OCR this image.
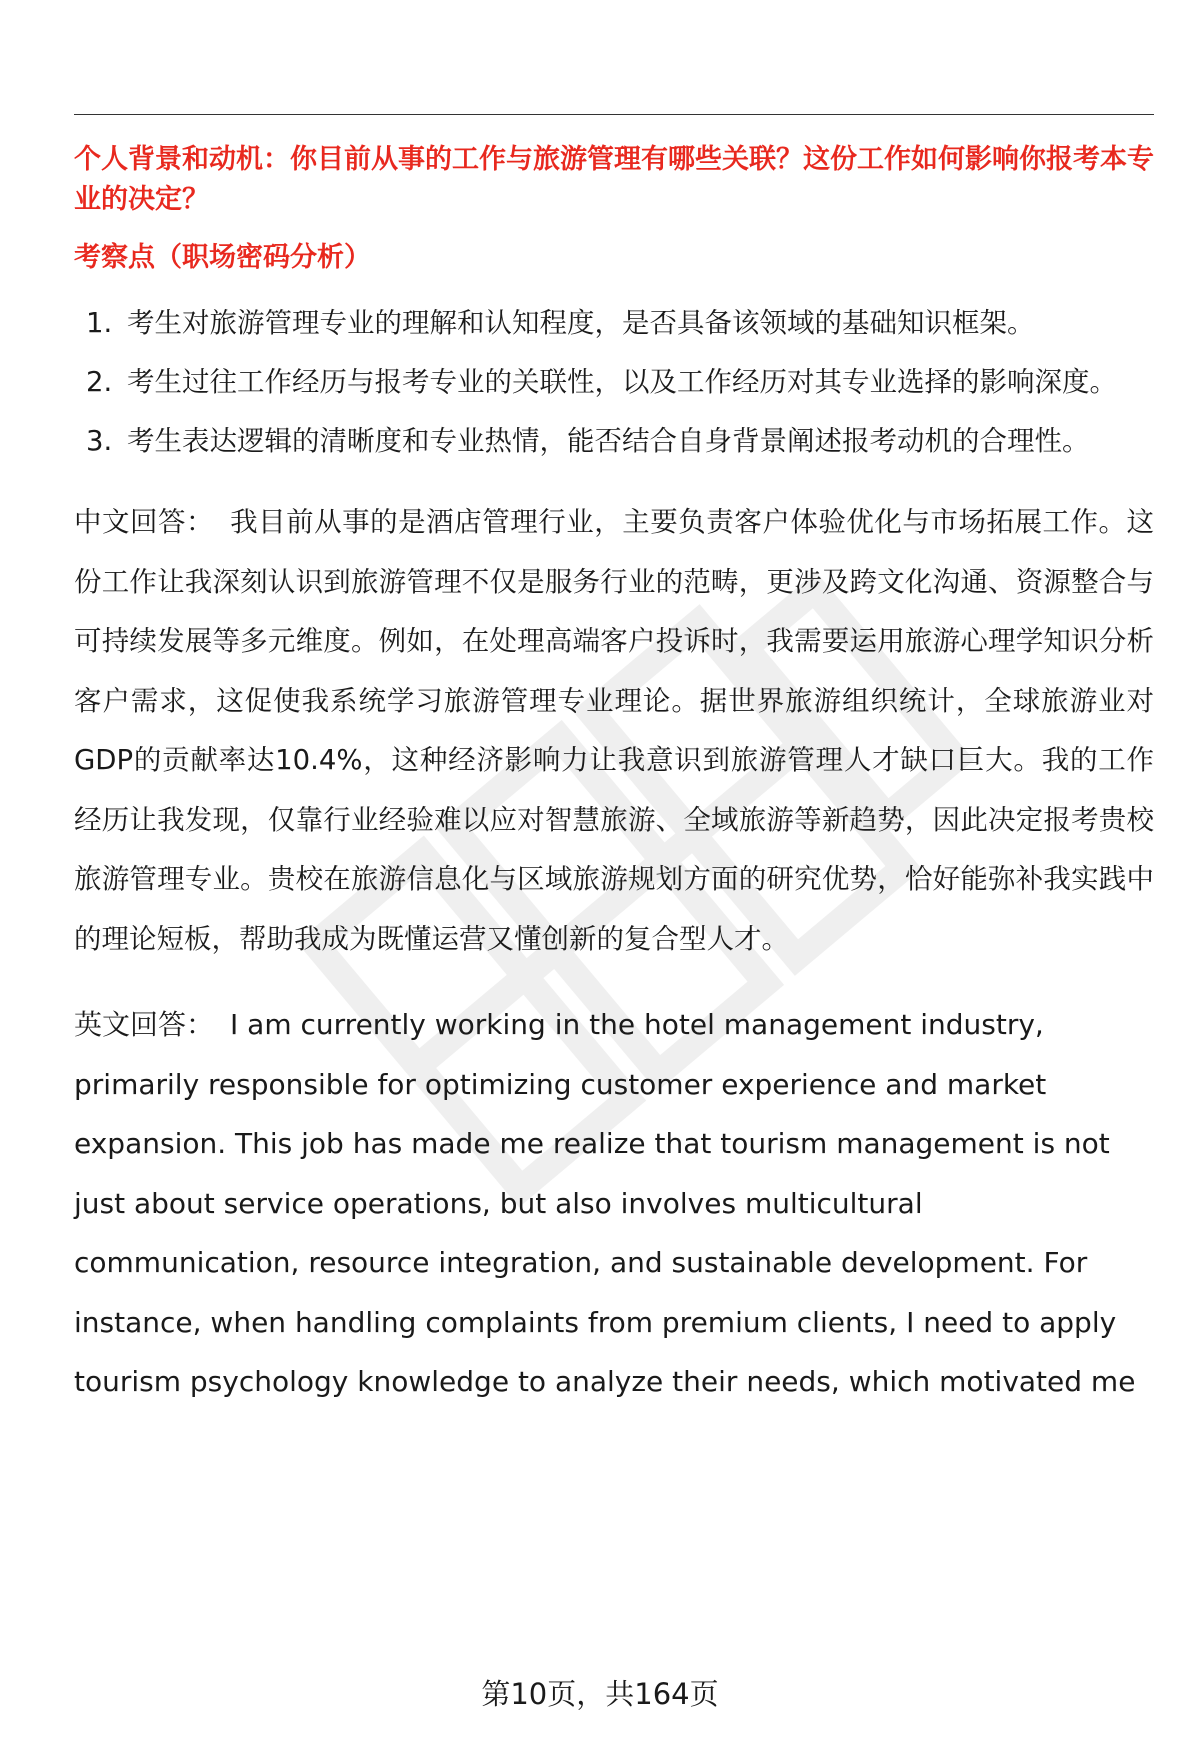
个人背景和动机：你目前从事的工作与旅游管理有哪些关联？这份工作如何影响你报考本专业的决定？

考察点（职场密码分析）

1. 考生对旅游管理专业的理解和认知程度，是否具备该领域的基础知识框架。
2. 考生过往工作经历与报考专业的关联性，以及工作经历对其专业选择的影响深度。
3. 考生表达逻辑的清晰度和专业热情，能否结合自身背景阐述报考动机的合理性。

中文回答： 我目前从事的是酒店管理行业，主要负责客户体验优化与市场拓展工作。这份工作让我深刻认识到旅游管理不仅是服务行业的范畴，更涉及跨文化沟通、资源整合与可持续发展等多元维度。例如，在处理高端客户投诉时，我需要运用旅游心理学知识分析客户需求，这促使我系统学习旅游管理专业理论。据世界旅游组织统计，全球旅游业对GDP的贡献率达10.4%，这种经济影响力让我意识到旅游管理人才缺口巨大。我的工作经历让我发现，仅靠行业经验难以应对智慧旅游、全域旅游等新趋势，因此决定报考贵校旅游管理专业。贵校在旅游信息化与区域旅游规划方面的研究优势，恰好能弥补我实践中的理论短板，帮助我成为既懂运营又懂创新的复合型人才。

英文回答： I am currently working in the hotel management industry,
primarily responsible for optimizing customer experience and market
expansion. This job has made me realize that tourism management is not
just about service operations, but also involves multicultural
communication, resource integration, and sustainable development. For
instance, when handling complaints from premium clients, I need to apply
tourism psychology knowledge to analyze their needs, which motivated me

第10页，共164页
